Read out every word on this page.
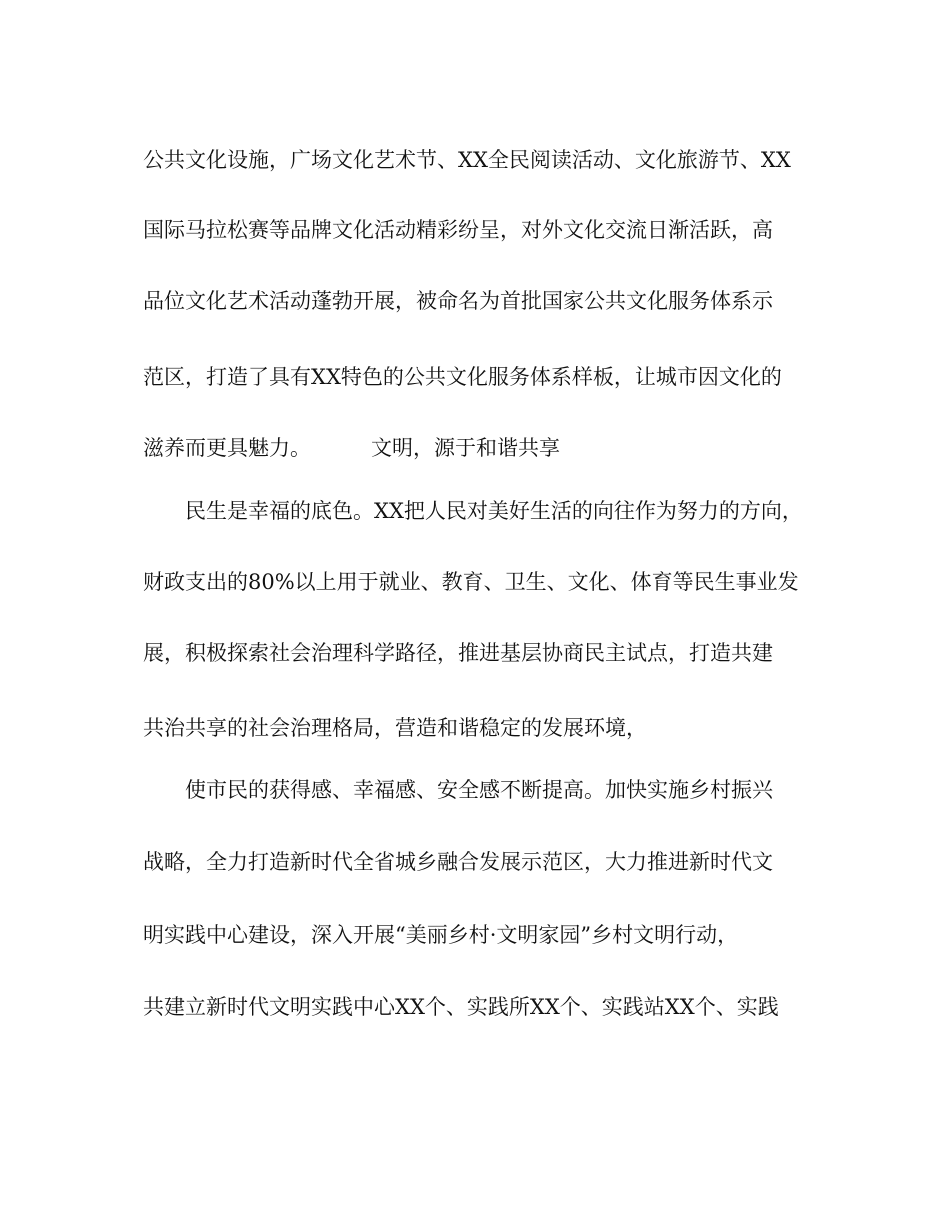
公共文化设施，广场文化艺术节、XX全民阅读活动、文化旅游节、XX
国际马拉松赛等品牌文化活动精彩纷呈，对外文化交流日渐活跃，高
品位文化艺术活动蓬勃开展，被命名为首批国家公共文化服务体系示
范区，打造了具有XX特色的公共文化服务体系样板，让城市因文化的
滋养而更具魅力。	文明，源于和谐共享
民生是幸福的底色。XX把人民对美好生活的向往作为努力的方向，
财政支出的80%以上用于就业、教育、卫生、文化、体育等民生事业发
展，积极探索社会治理科学路径，推进基层协商民主试点，打造共建
共治共享的社会治理格局，营造和谐稳定的发展环境，
使市民的获得感、幸福感、安全感不断提高。加快实施乡村振兴
战略，全力打造新时代全省城乡融合发展示范区，大力推进新时代文
明实践中心建设，深入开展“美丽乡村·文明家园”乡村文明行动，
共建立新时代文明实践中心XX个、实践所XX个、实践站XX个、实践
